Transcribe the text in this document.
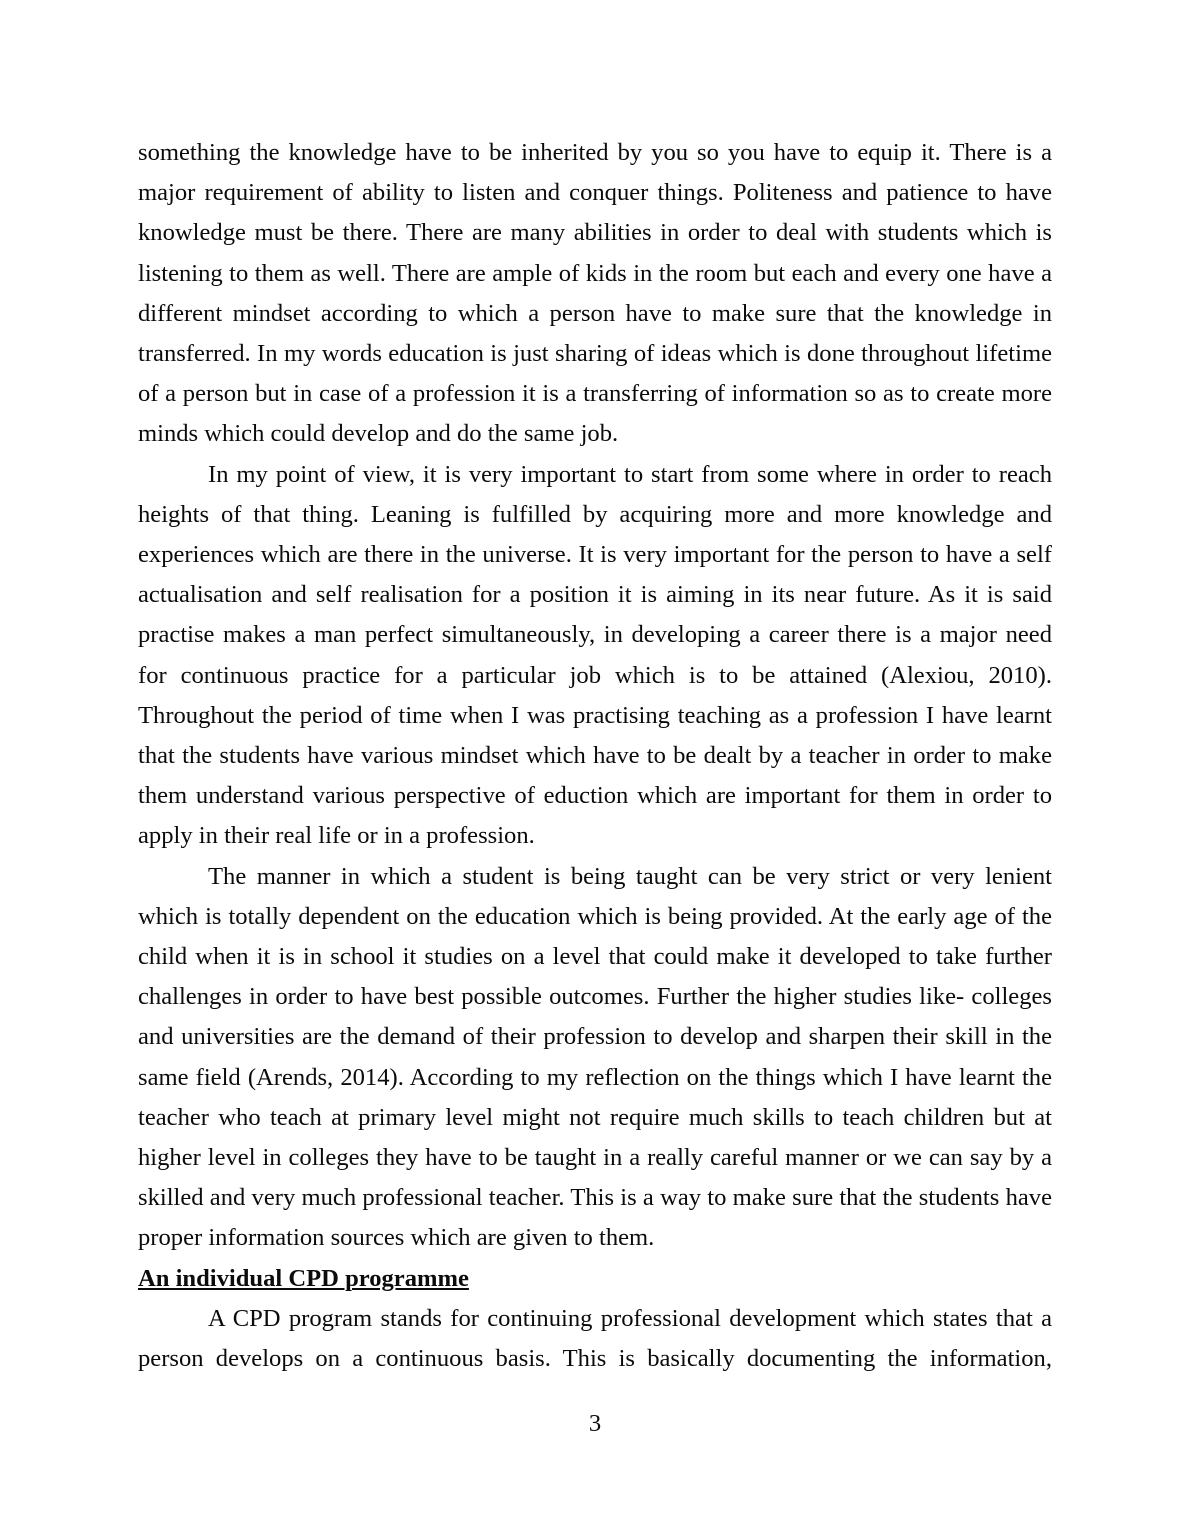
something the knowledge have to be inherited by you so you have to equip it. There is a major requirement of ability to listen and conquer things. Politeness and patience to have knowledge must be there. There are many abilities in order to deal with students which is listening to them as well. There are ample of kids in the room but each and every one have a different mindset according to which a person have to make sure that the knowledge in transferred. In my words education is just sharing of ideas which is done throughout lifetime of a person but in case of a profession it is a transferring of information so as to create more minds which could develop and do the same job.

In my point of view, it is very important to start from some where in order to reach heights of that thing. Leaning is fulfilled by acquiring more and more knowledge and experiences which are there in the universe. It is very important for the person to have a self actualisation and self realisation for a position it is aiming in its near future. As it is said practise makes a man perfect simultaneously, in developing a career there is a major need for continuous practice for a particular job which is to be attained (Alexiou, 2010). Throughout the period of time when I was practising teaching as a profession I have learnt that the students have various mindset which have to be dealt by a teacher in order to make them understand various perspective of eduction which are important for them in order to apply in their real life or in a profession.

The manner in which a student is being taught can be very strict or very lenient which is totally dependent on the education which is being provided. At the early age of the child when it is in school it studies on a level that could make it developed to take further challenges in order to have best possible outcomes. Further the higher studies like- colleges and universities are the demand of their profession to develop and sharpen their skill in the same field (Arends, 2014). According to my reflection on the things which I have learnt the teacher who teach at primary level might not require much skills to teach children but at higher level in colleges they have to be taught in a really careful manner or we can say by a skilled and very much professional teacher. This is a way to make sure that the students have proper information sources which are given to them.

An individual CPD programme

A CPD program stands for continuing professional development which states that a person develops on a continuous basis. This is basically documenting the information,

3
